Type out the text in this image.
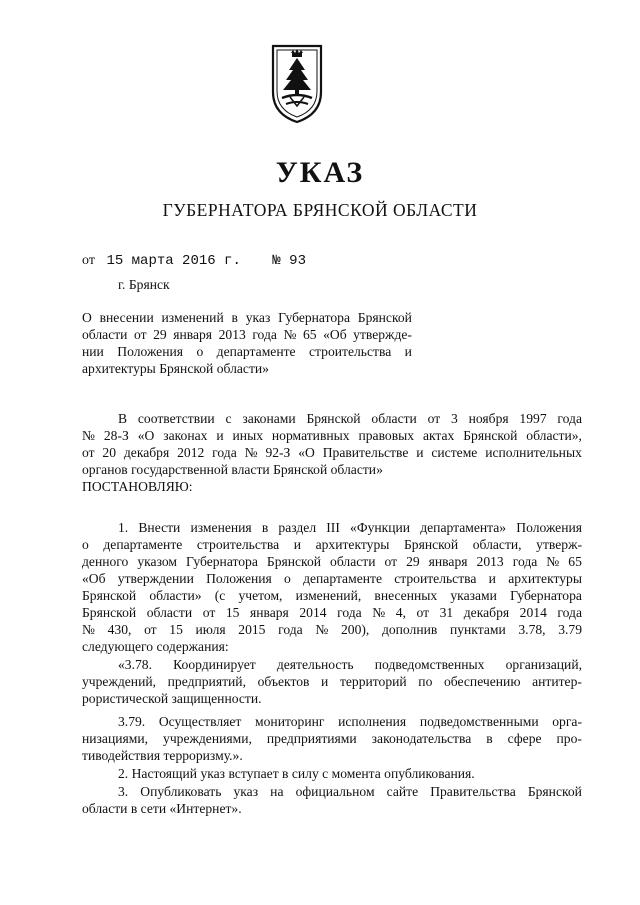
УКАЗ
ГУБЕРНАТОРА БРЯНСКОЙ ОБЛАСТИ
от 15 марта 2016 г. № 93
г. Брянск
О внесении изменений в указ Губернатора Брянской
области от 29 января 2013 года № 65 «Об утвержде-
нии Положения о департаменте строительства и
архитектуры Брянской области»
В соответствии с законами Брянской области от 3 ноября 1997 года
№ 28-З «О законах и иных нормативных правовых актах Брянской области»,
от 20 декабря 2012 года № 92-З «О Правительстве и системе исполнительных
органов государственной власти Брянской области»
ПОСТАНОВЛЯЮ:
1. Внести изменения в раздел III «Функции департамента» Положения
о департаменте строительства и архитектуры Брянской области, утверж-
денного указом Губернатора Брянской области от 29 января 2013 года № 65
«Об утверждении Положения о департаменте строительства и архитектуры
Брянской области» (с учетом, изменений, внесенных указами Губернатора
Брянской области от 15 января 2014 года № 4, от 31 декабря 2014 года
№ 430, от 15 июля 2015 года № 200), дополнив пунктами 3.78, 3.79
следующего содержания:
«3.78. Координирует деятельность подведомственных организаций,
учреждений, предприятий, объектов и территорий по обеспечению антитер-
рористической защищенности.
3.79. Осуществляет мониторинг исполнения подведомственными орга-
низациями, учреждениями, предприятиями законодательства в сфере про-
тиводействия терроризму.».
2. Настоящий указ вступает в силу с момента опубликования.
3. Опубликовать указ на официальном сайте Правительства Брянской
области в сети «Интернет».
